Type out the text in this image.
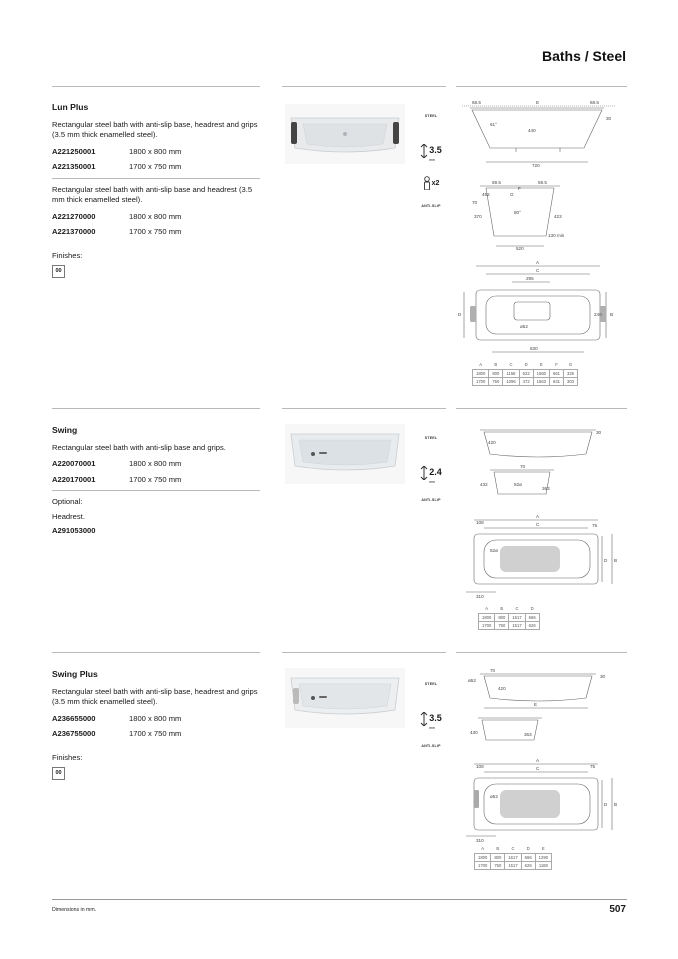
Baths / Steel
Lun Plus
Rectangular steel bath with anti-slip base, headrest and grips (3.5 mm thick enamelled steel).
A221250001	1800 x 800 mm
A221350001	1700 x 750 mm
Rectangular steel bath with anti-slip base and headrest (3.5 mm thick enamelled steel).
A221270000	1800 x 800 mm
A221370000	1700 x 750 mm
Finishes:
00
STEEL
3.5
mm
x2
ANTI-SLIP
68.5	E	68.5
30
61°
440
720
59.5	59.5
F
452	G
70
80°
370	423
130 min
520
A
C
295
D	240 B
ø52
630
A	B	C	D	E	F	G
1800	800	1158	522	1660	661	326
1700	750	1096	472	1563	631	303
Swing
Rectangular steel bath with anti-slip base and grips.
A220070001	1800 x 800 mm
A220170001	1700 x 750 mm
Optional:
Headrest.
A291053000
STEEL
2.4
mm
ANTI-SLIP
420
30
70
432	52ø
363
A
108	C	75
52ø
D B
310
A	B	C	D
1800	800	1617	666
1700	750	1517	626
Swing Plus
Rectangular steel bath with anti-slip base, headrest and grips (3.5 mm thick enamelled steel).
A236655000	1800 x 800 mm
A236755000	1700 x 750 mm
Finishes:
00
STEEL
3.5
mm
ANTI-SLIP
70
ø52
30
420
E
430	363
A
108	C	75
ø52
D B
310
A	B	C	D	E
1800	800	1617	666	1290
1700	750	1517	626	1188
Dimensions in mm.	507
